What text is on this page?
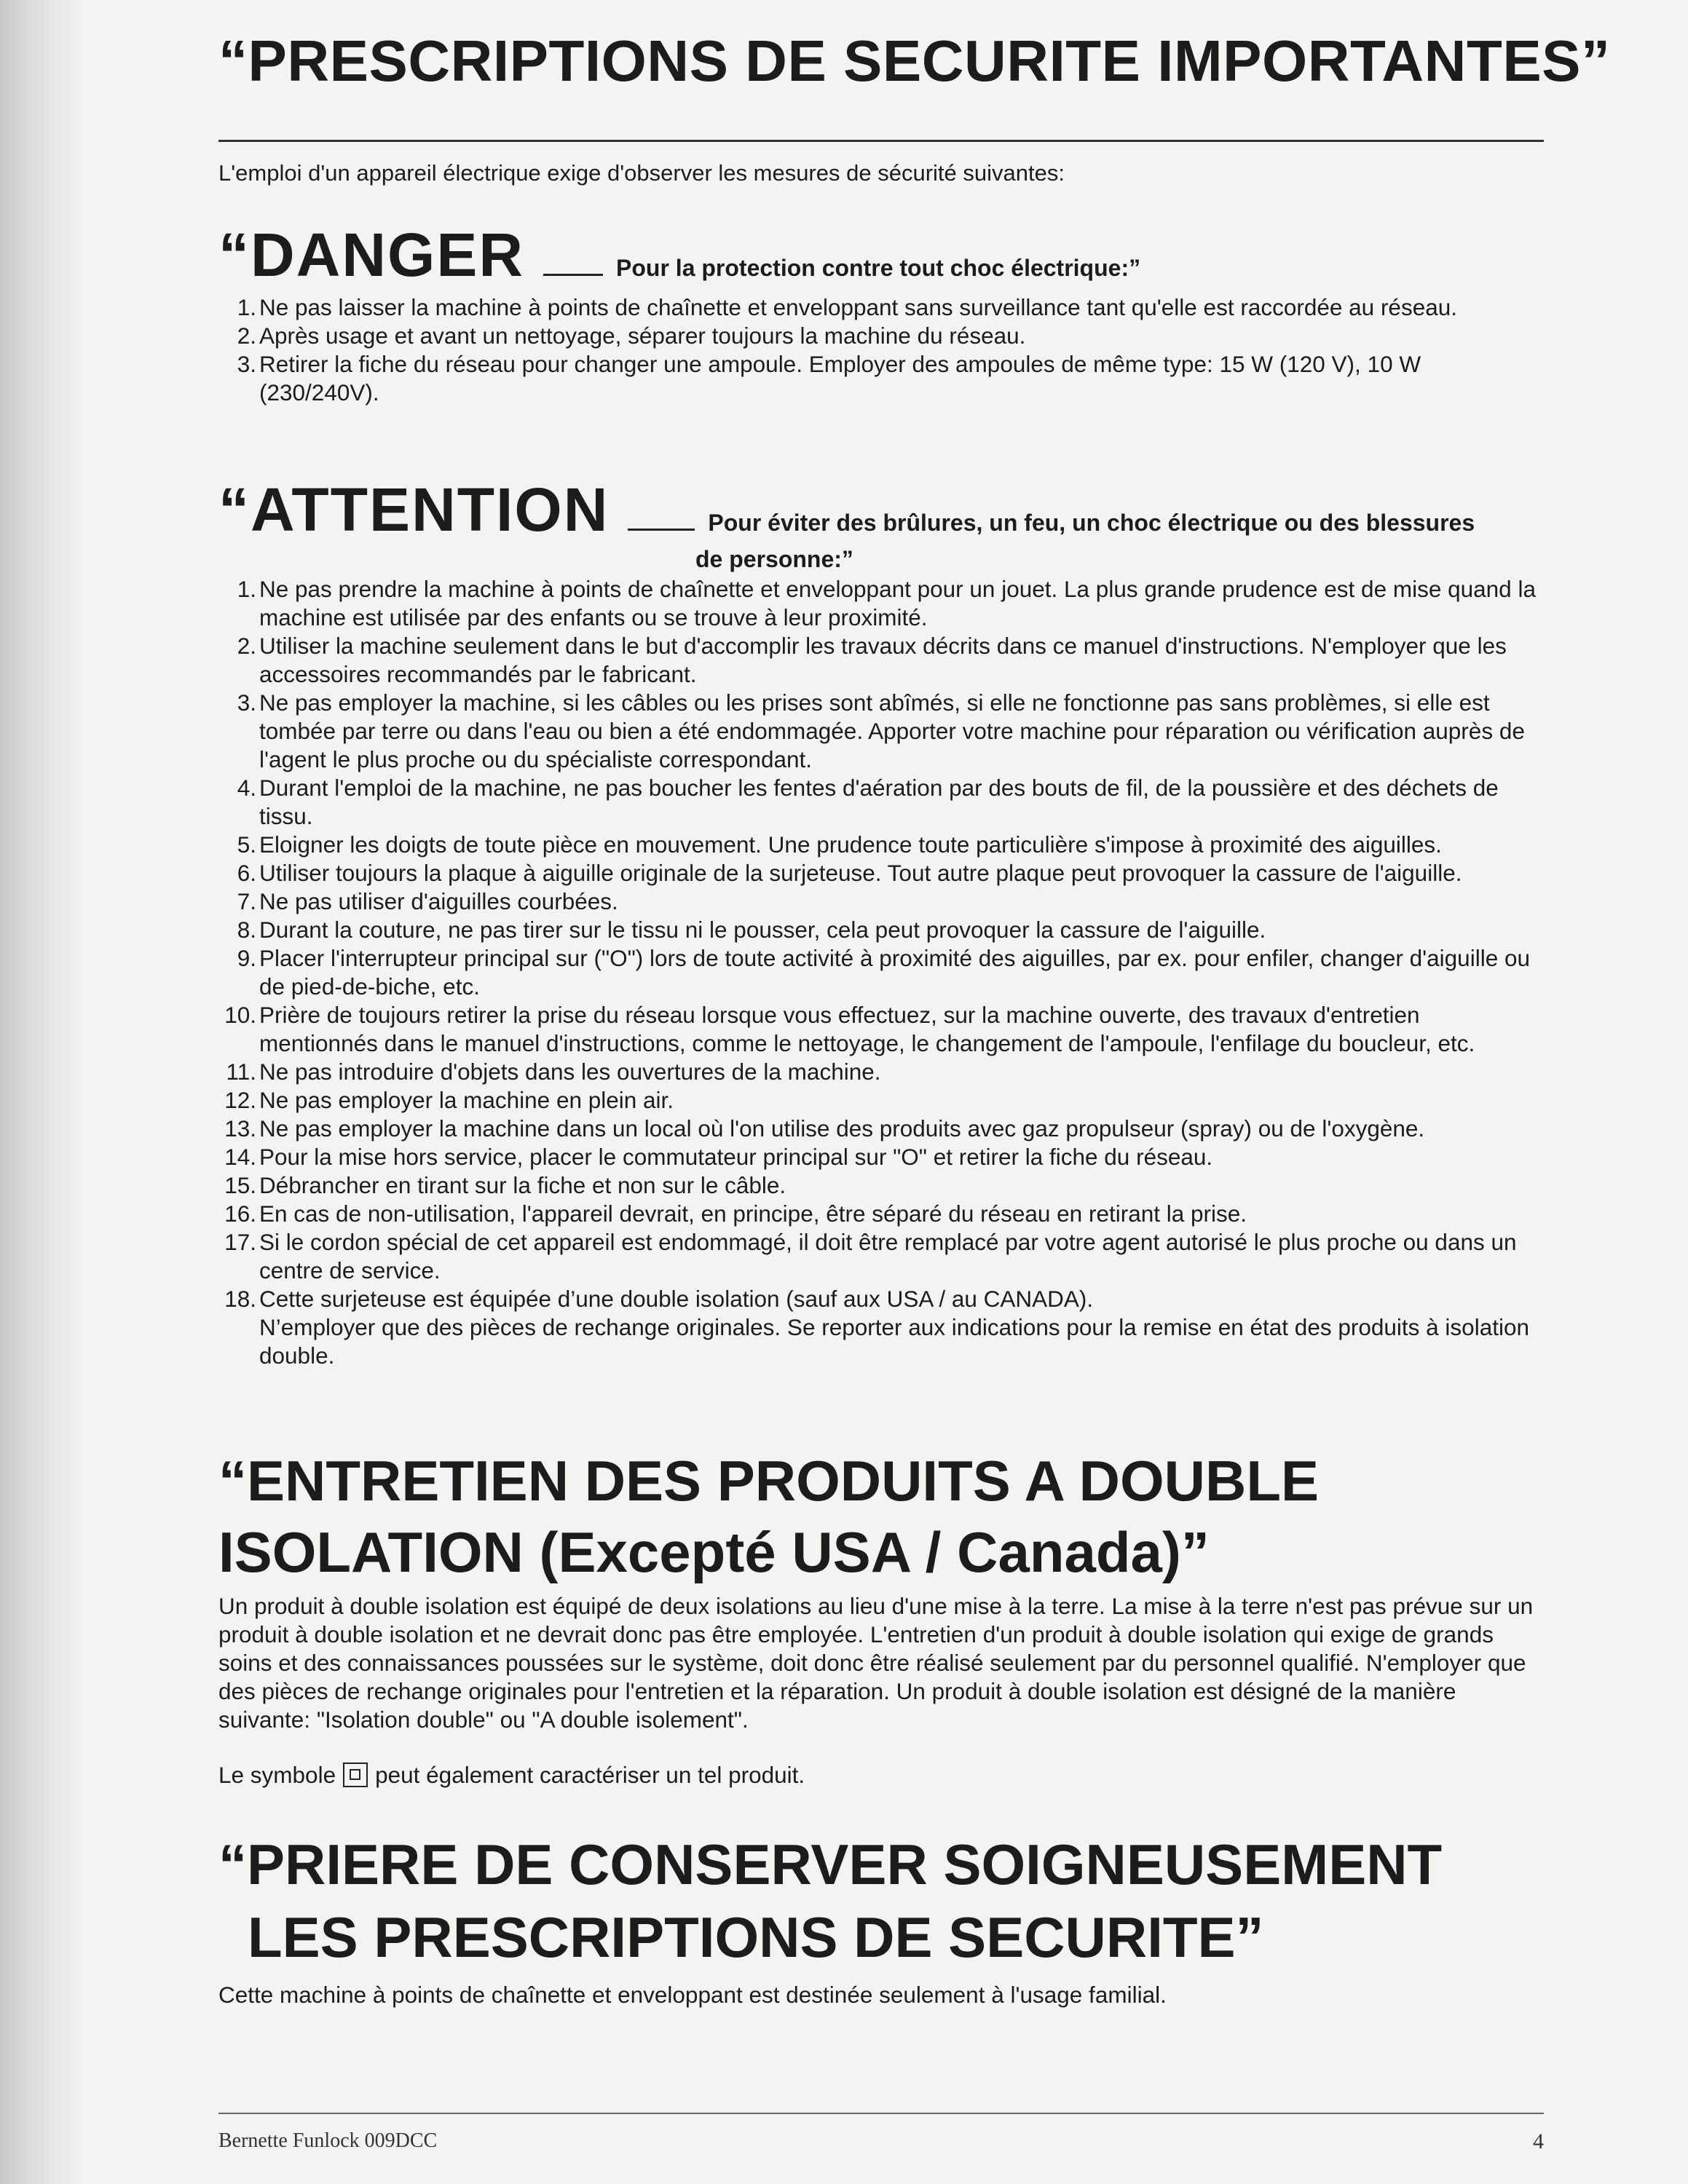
“PRESCRIPTIONS DE SECURITE IMPORTANTES”
L'emploi d'un appareil électrique exige d'observer les mesures de sécurité suivantes:
“DANGER	Pour la protection contre tout choc électrique:”
1. Ne pas laisser la machine à points de chaînette et enveloppant sans surveillance tant qu'elle est raccordée au réseau.
2. Après usage et avant un nettoyage, séparer toujours la machine du réseau.
3. Retirer la fiche du réseau pour changer une ampoule. Employer des ampoules de même type: 15 W (120 V), 10 W (230/240V).
“ATTENTION	Pour éviter des brûlures, un feu, un choc électrique ou des blessures
de personne:”
1. Ne pas prendre la machine à points de chaînette et enveloppant pour un jouet. La plus grande prudence est de mise quand la machine est utilisée par des enfants ou se trouve à leur proximité.
2. Utiliser la machine seulement dans le but d'accomplir les travaux décrits dans ce manuel d'instructions. N'employer que les accessoires recommandés par le fabricant.
3. Ne pas employer la machine, si les câbles ou les prises sont abîmés, si elle ne fonctionne pas sans problèmes, si elle est tombée par terre ou dans l'eau ou bien a été endommagée. Apporter votre machine pour réparation ou vérification auprès de l'agent le plus proche ou du spécialiste correspondant.
4. Durant l'emploi de la machine, ne pas boucher les fentes d'aération par des bouts de fil, de la poussière et des déchets de tissu.
5. Eloigner les doigts de toute pièce en mouvement. Une prudence toute particulière s'impose à proximité des aiguilles.
6. Utiliser toujours la plaque à aiguille originale de la surjeteuse. Tout autre plaque peut provoquer la cassure de l'aiguille.
7. Ne pas utiliser d'aiguilles courbées.
8. Durant la couture, ne pas tirer sur le tissu ni le pousser, cela peut provoquer la cassure de l'aiguille.
9. Placer l'interrupteur principal sur ("O") lors de toute activité à proximité des aiguilles, par ex. pour enfiler, changer d'aiguille ou de pied-de-biche, etc.
10. Prière de toujours retirer la prise du réseau lorsque vous effectuez, sur la machine ouverte, des travaux d'entretien mentionnés dans le manuel d'instructions, comme le nettoyage, le changement de l'ampoule, l'enfilage du boucleur, etc.
11. Ne pas introduire d'objets dans les ouvertures de la machine.
12. Ne pas employer la machine en plein air.
13. Ne pas employer la machine dans un local où l'on utilise des produits avec gaz propulseur (spray) ou de l'oxygène.
14. Pour la mise hors service, placer le commutateur principal sur "O" et retirer la fiche du réseau.
15. Débrancher en tirant sur la fiche et non sur le câble.
16. En cas de non-utilisation, l'appareil devrait, en principe, être séparé du réseau en retirant la prise.
17. Si le cordon spécial de cet appareil est endommagé, il doit être remplacé par votre agent autorisé le plus proche ou dans un centre de service.
18. Cette surjeteuse est équipée d’une double isolation (sauf aux USA / au CANADA).
N’employer que des pièces de rechange originales. Se reporter aux indications pour la remise en état des produits à isolation double.
“ENTRETIEN DES PRODUITS A DOUBLE
ISOLATION (Excepté USA / Canada)”

Un produit à double isolation est équipé de deux isolations au lieu d'une mise à la terre. La mise à la terre n'est pas prévue sur un produit à double isolation et ne devrait donc pas être employée. L'entretien d'un produit à double isolation qui exige de grands soins et des connaissances poussées sur le système, doit donc être réalisé seulement par du personnel qualifié. N'employer que des pièces de rechange originales pour l'entretien et la réparation. Un produit à double isolation est désigné de la manière suivante: "Isolation double" ou "A double isolement".

Le symbole peut également caractériser un tel produit.
“PRIERE DE CONSERVER SOIGNEUSEMENT
LES PRESCRIPTIONS DE SECURITE”
Cette machine à points de chaînette et enveloppant est destinée seulement à l'usage familial.
Bernette Funlock 009DCC	4
